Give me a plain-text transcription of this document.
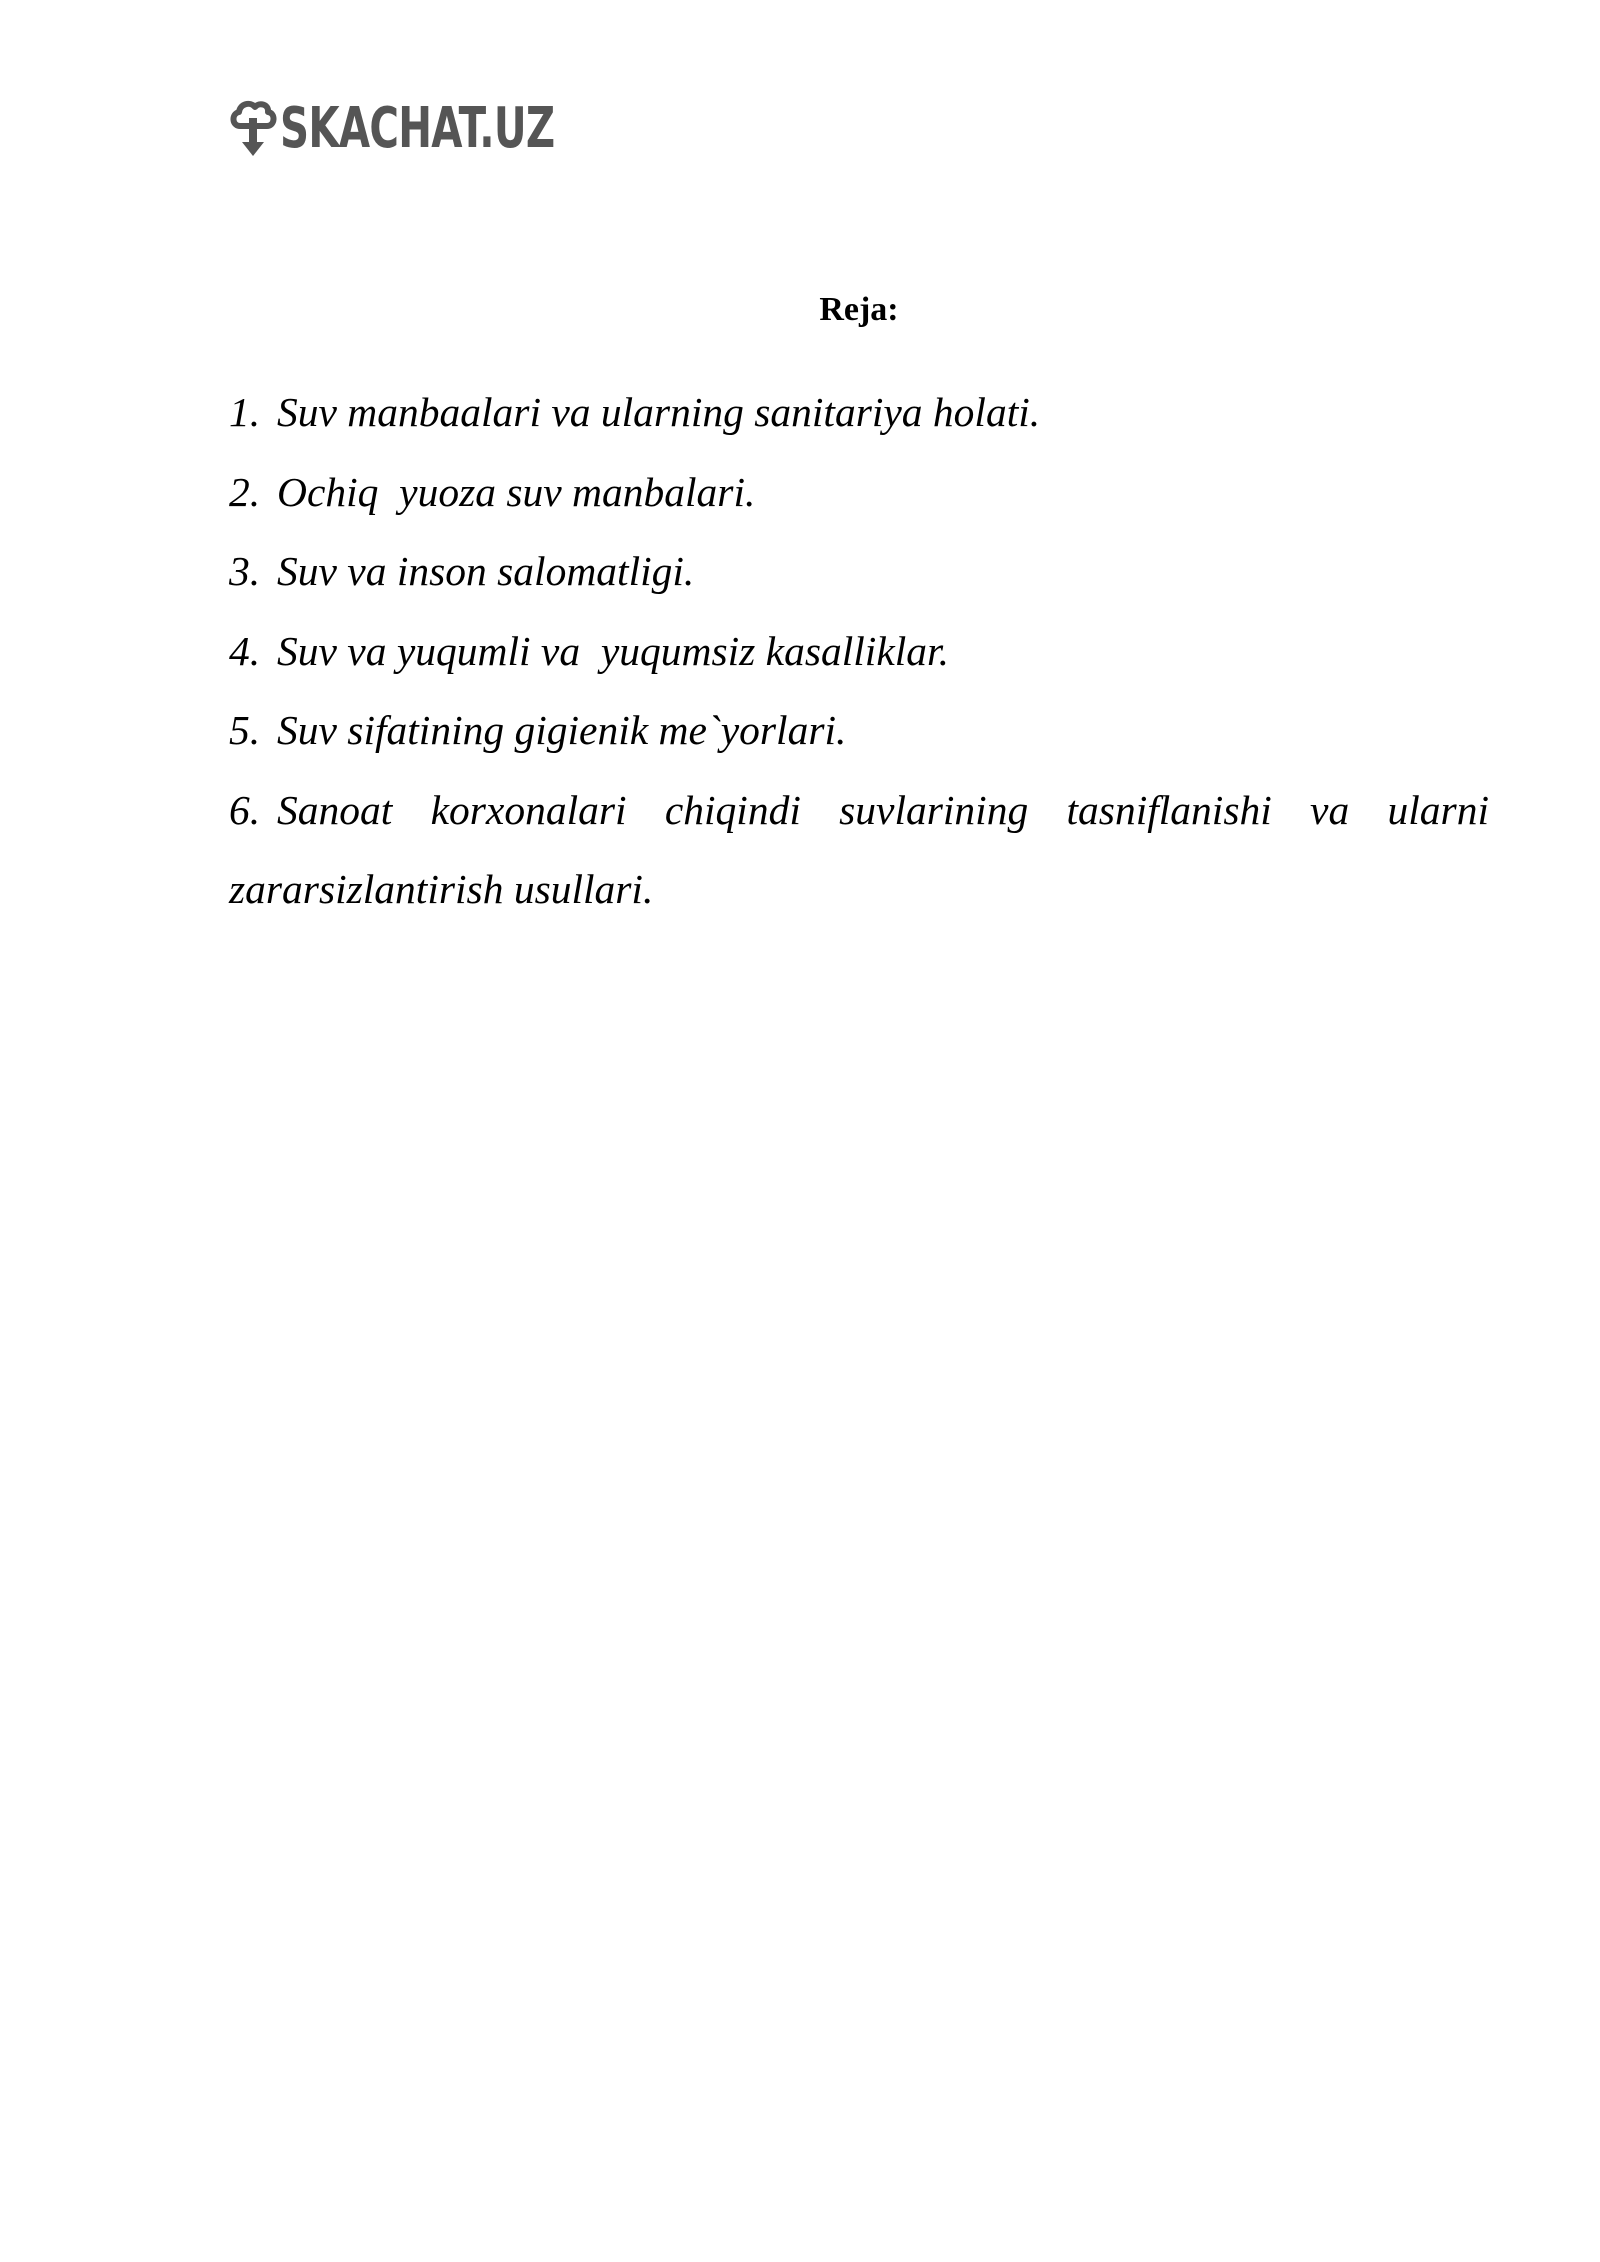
SKACHAT.UZ
Reja:
1. Suv manbaalari va ularning sanitariya holati.
2. Ochiq  yuoza suv manbalari.
3. Suv va inson salomatligi.
4. Suv va yuqumli va  yuqumsiz kasalliklar.
5. Suv sifatining gigienik me`yorlari.
6. Sanoat korxonalari chiqindi suvlarining tasniflanishi va ularni zararsizlantirish usullari.
